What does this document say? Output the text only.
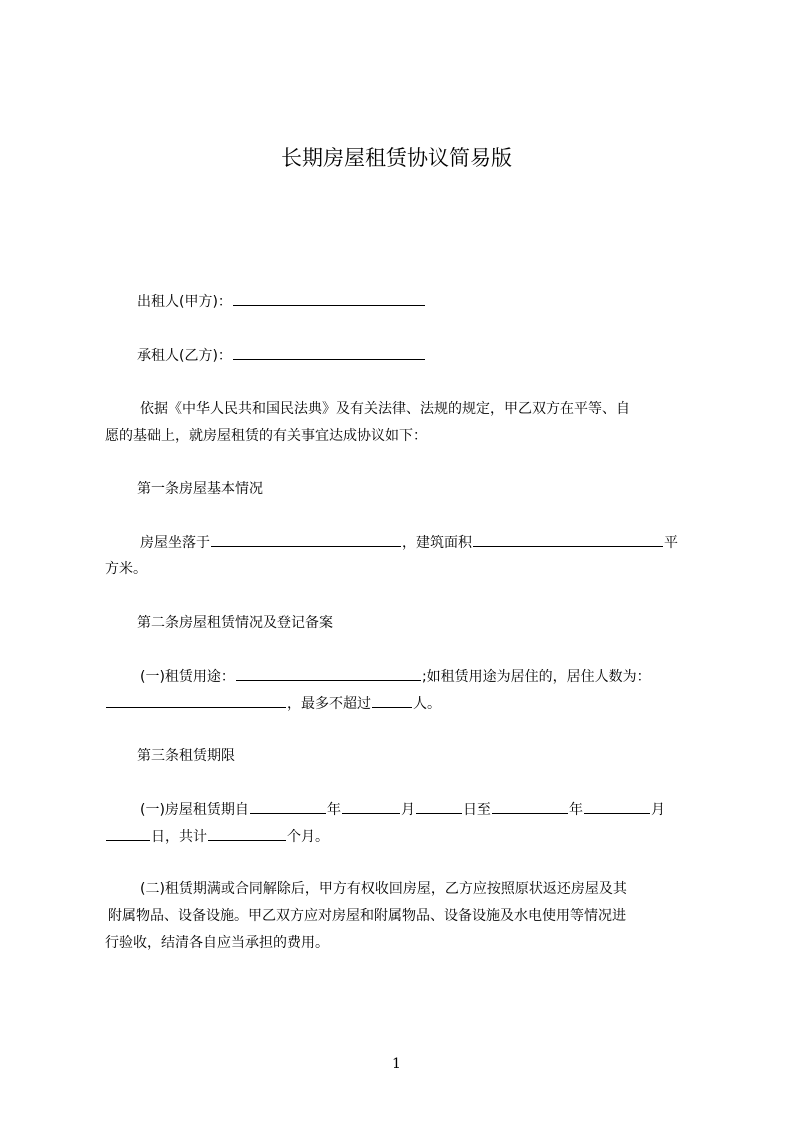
长期房屋租赁协议简易版
出租人(甲方)：
承租人(乙方)：
依据《中华人民共和国民法典》及有关法律、法规的规定，甲乙双方在平等、自
愿的基础上，就房屋租赁的有关事宜达成协议如下：
第一条房屋基本情况
房屋坐落于	，建筑面积	平
方米。
第二条房屋租赁情况及登记备案
(一)租赁用途：	;如租赁用途为居住的，居住人数为：
，最多不超过	人。
第三条租赁期限
(一)房屋租赁期自	年	月	日至	年	月
日，共计	个月。
(二)租赁期满或合同解除后，甲方有权收回房屋，乙方应按照原状返还房屋及其
附属物品、设备设施。甲乙双方应对房屋和附属物品、设备设施及水电使用等情况进
行验收，结清各自应当承担的费用。
1
